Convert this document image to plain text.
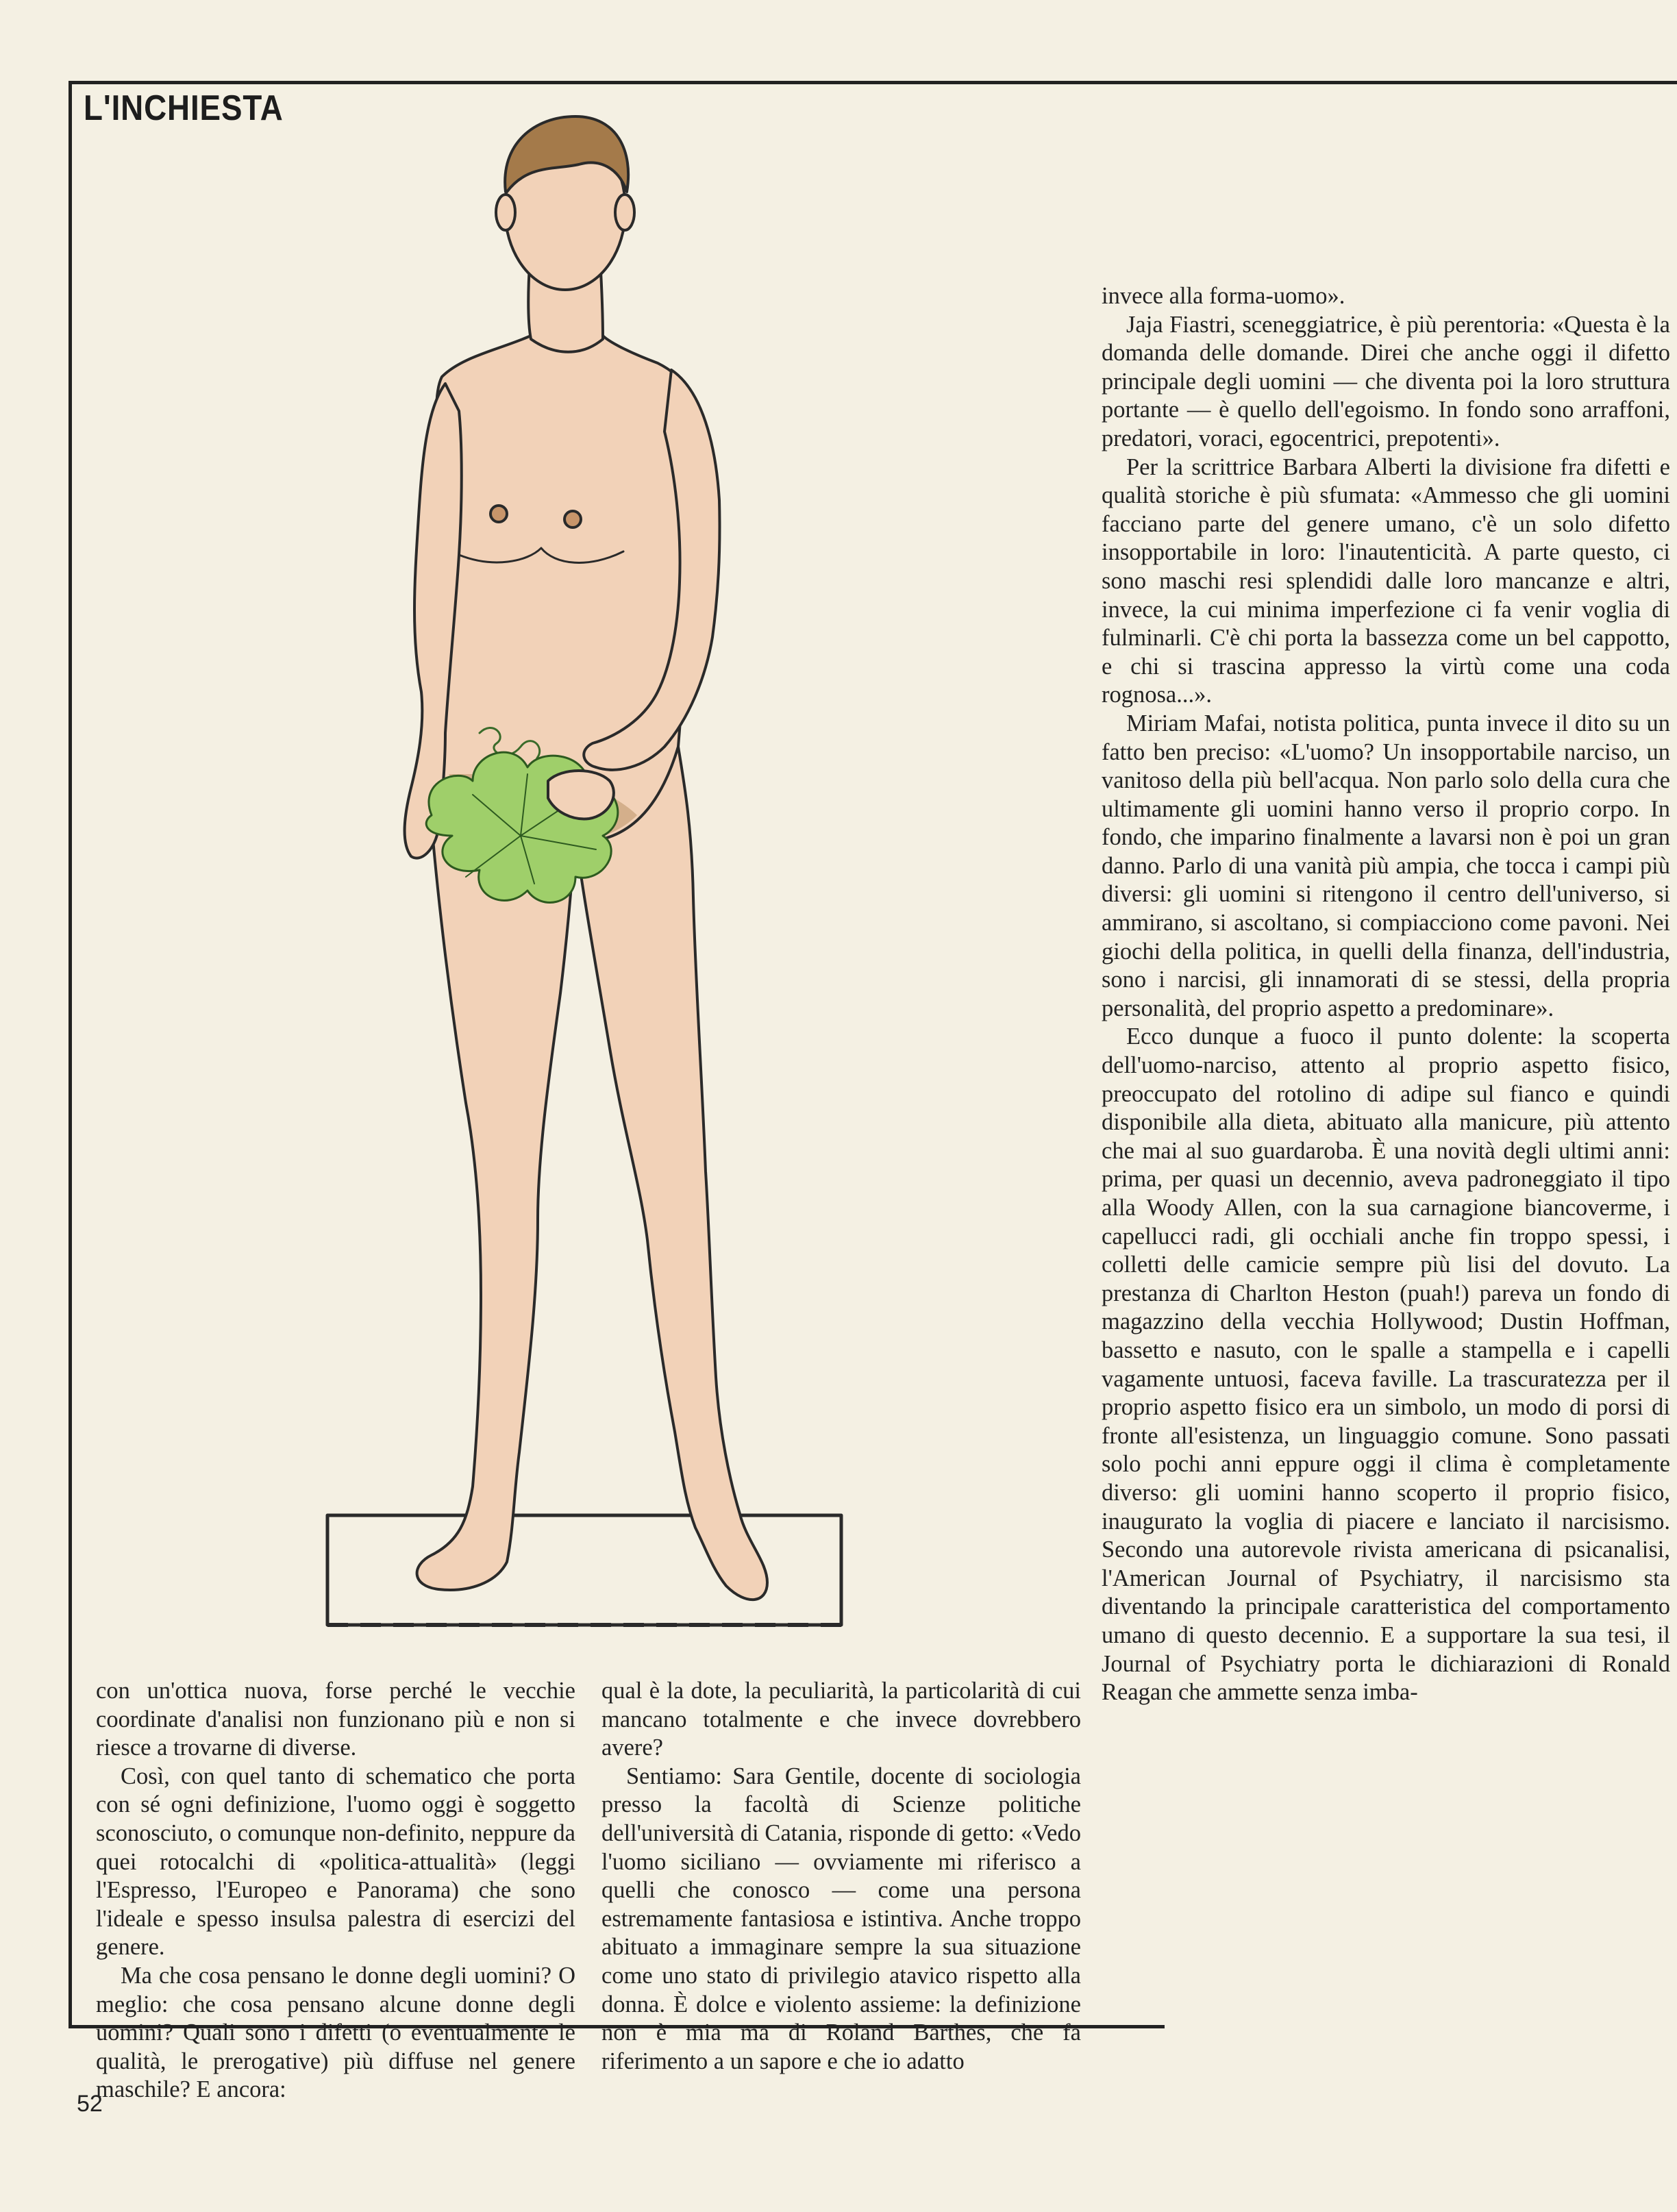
L'INCHIESTA

invece alla forma-uomo».

Jaja Fiastri, sceneggiatrice, è più perentoria: «Questa è la domanda delle domande. Direi che anche oggi il difetto principale degli uomini — che diventa poi la loro struttura portante — è quello dell'egoismo. In fondo sono arraffoni, predatori, voraci, egocentrici, prepotenti».

Per la scrittrice Barbara Alberti la divisione fra difetti e qualità storiche è più sfumata: «Ammesso che gli uomini facciano parte del genere umano, c'è un solo difetto insopportabile in loro: l'inautenticità. A parte questo, ci sono maschi resi splendidi dalle loro mancanze e altri, invece, la cui minima imperfezione ci fa venir voglia di fulminarli. C'è chi porta la bassezza come un bel cappotto, e chi si trascina appresso la virtù come una coda rognosa...».

Miriam Mafai, notista politica, punta invece il dito su un fatto ben preciso: «L'uomo? Un insopportabile narciso, un vanitoso della più bell'acqua. Non parlo solo della cura che ultimamente gli uomini hanno verso il proprio corpo. In fondo, che imparino finalmente a lavarsi non è poi un gran danno. Parlo di una vanità più ampia, che tocca i campi più diversi: gli uomini si ritengono il centro dell'universo, si ammirano, si ascoltano, si compiacciono come pavoni. Nei giochi della politica, in quelli della finanza, dell'industria, sono i narcisi, gli innamorati di se stessi, della propria personalità, del proprio aspetto a predominare».

Ecco dunque a fuoco il punto dolente: la scoperta dell'uomo-narciso, attento al proprio aspetto fisico, preoccupato del rotolino di adipe sul fianco e quindi disponibile alla dieta, abituato alla manicure, più attento che mai al suo guardaroba. È una novità degli ultimi anni: prima, per quasi un decennio, aveva padroneggiato il tipo alla Woody Allen, con la sua carnagione biancoverme, i capellucci radi, gli occhiali anche fin troppo spessi, i colletti delle camicie sempre più lisi del dovuto. La prestanza di Charlton Heston (puah!) pareva un fondo di magazzino della vecchia Hollywood; Dustin Hoffman, bassetto e nasuto, con le spalle a stampella e i capelli vagamente untuosi, faceva faville. La trascuratezza per il proprio aspetto fisico era un simbolo, un modo di porsi di fronte all'esistenza, un linguaggio comune. Sono passati solo pochi anni eppure oggi il clima è completamente diverso: gli uomini hanno scoperto il proprio fisico, inaugurato la voglia di piacere e lanciato il narcisismo. Secondo una autorevole rivista americana di psicanalisi, l'American Journal of Psychiatry, il narcisismo sta diventando la principale caratteristica del comportamento umano di questo decennio. E a supportare la sua tesi, il Journal of Psychiatry porta le dichiarazioni di Ronald Reagan che ammette senza imba-

con un'ottica nuova, forse perché le vecchie coordinate d'analisi non funzionano più e non si riesce a trovarne di diverse.

Così, con quel tanto di schematico che porta con sé ogni definizione, l'uomo oggi è soggetto sconosciuto, o comunque non-definito, neppure da quei rotocalchi di «politica-attualità» (leggi l'Espresso, l'Europeo e Panorama) che sono l'ideale e spesso insulsa palestra di esercizi del genere.

Ma che cosa pensano le donne degli uomini? O meglio: che cosa pensano alcune donne degli uomini? Quali sono i difetti (o eventualmente le qualità, le prerogative) più diffuse nel genere maschile? E ancora:

qual è la dote, la peculiarità, la particolarità di cui mancano totalmente e che invece dovrebbero avere?

Sentiamo: Sara Gentile, docente di sociologia presso la facoltà di Scienze politiche dell'università di Catania, risponde di getto: «Vedo l'uomo siciliano — ovviamente mi riferisco a quelli che conosco — come una persona estremamente fantasiosa e istintiva. Anche troppo abituato a immaginare sempre la sua situazione come uno stato di privilegio atavico rispetto alla donna. È dolce e violento assieme: la definizione non è mia ma di Roland Barthes, che fa riferimento a un sapore e che io adatto

52
